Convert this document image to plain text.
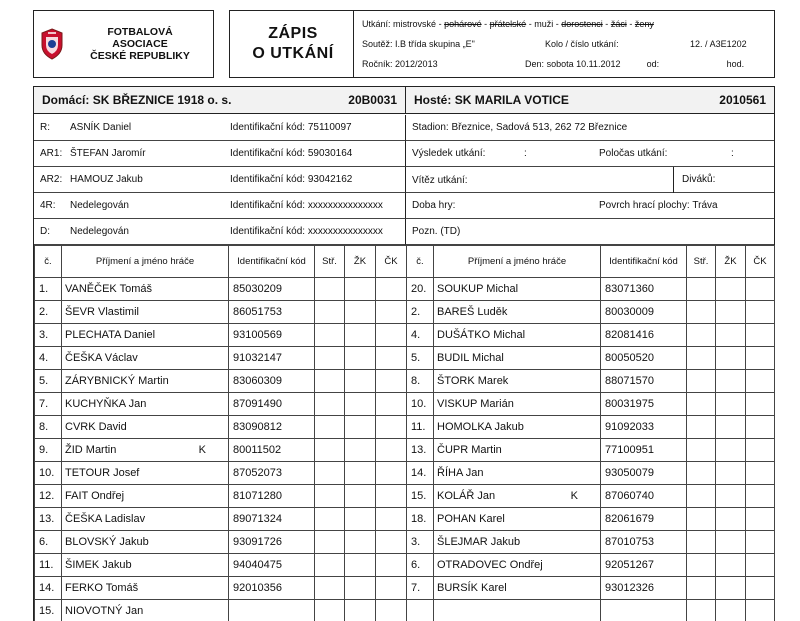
FOTBALOVÁ
ASOCIACE
ČESKÉ REPUBLIKY
ZÁPIS
O UTKÁNÍ
Utkání:
mistrovské
-
pohárové
-
přátelské
-
muži
-
dorostenci
-
žáci
-
ženy
Soutěž:
I.B třída skupina „E"	Kolo / číslo utkání:	12. / A3E1202
Ročník:
2012/2013	Den:
sobota 10.11.2012	od:	hod.
Domácí:
SK BŘEZNICE 1918 o. s.	20B0031 Hosté:
SK MARILA VOTICE	2010561
R:	ASNÍK Daniel	Identifikační kód: 75110097
AR1: ŠTEFAN Jaromír	Identifikační kód: 59030164
AR2: HAMOUZ Jakub	Identifikační kód: 93042162
4R:	Nedelegován	Identifikační kód: xxxxxxxxxxxxxxx
D:	Nedelegován	Identifikační kód: xxxxxxxxxxxxxxx
Stadion: Březnice, Sadová 513, 262 72 Březnice
Výsledek utkání:	:	Poločas utkání:	:
Vítěz utkání:	Diváků:
Doba hry:	Povrch hrací plochy:
Tráva
Pozn. (TD)
č.	Příjmení a jméno hráče	Identifikační kód	Stř.	ŽK	ČK
1.	VANĚČEK Tomáš	85030209			
2.	ŠEVR Vlastimil	86051753			
3.	PLECHATA Daniel	93100569			
4.	ČEŠKA Václav	91032147			
5.	ZÁRYBNICKÝ Martin	83060309			
7.	KUCHYŇKA Jan	87091490			
8.	CVRK David	83090812			
9.	ŽID Martin K	80011502			
10.	TETOUR Josef	87052073			
12.	FAIT Ondřej	81071280			
13.	ČEŠKA Ladislav	89071324			
6.	BLOVSKÝ Jakub	93091726			
11.	ŠIMEK Jakub	94040475			
14.	FERKO Tomáš	92010356			
15.	NIOVOTNÝ Jan

č.	Příjmení a jméno hráče	Identifikační kód	Stř.	ŽK	ČK
20.	SOUKUP Michal	83071360			
2.	BAREŠ Luděk	80030009			
4.	DUŠÁTKO Michal	82081416			
5.	BUDIL Michal	80050520			
8.	ŠTORK Marek	88071570			
10.	VISKUP Marián	80031975			
11.	HOMOLKA Jakub	91092033			
13.	ČUPR Martin	77100951			
14.	ŘÍHA Jan	93050079			
15.	KOLÁŘ Jan K	87060740			
18.	POHAN Karel	82061679			
3.	ŠLEJMAR Jakub	87010753			
6.	OTRADOVEC Ondřej	92051267			
7.	BURSÍK Karel	93012326			
